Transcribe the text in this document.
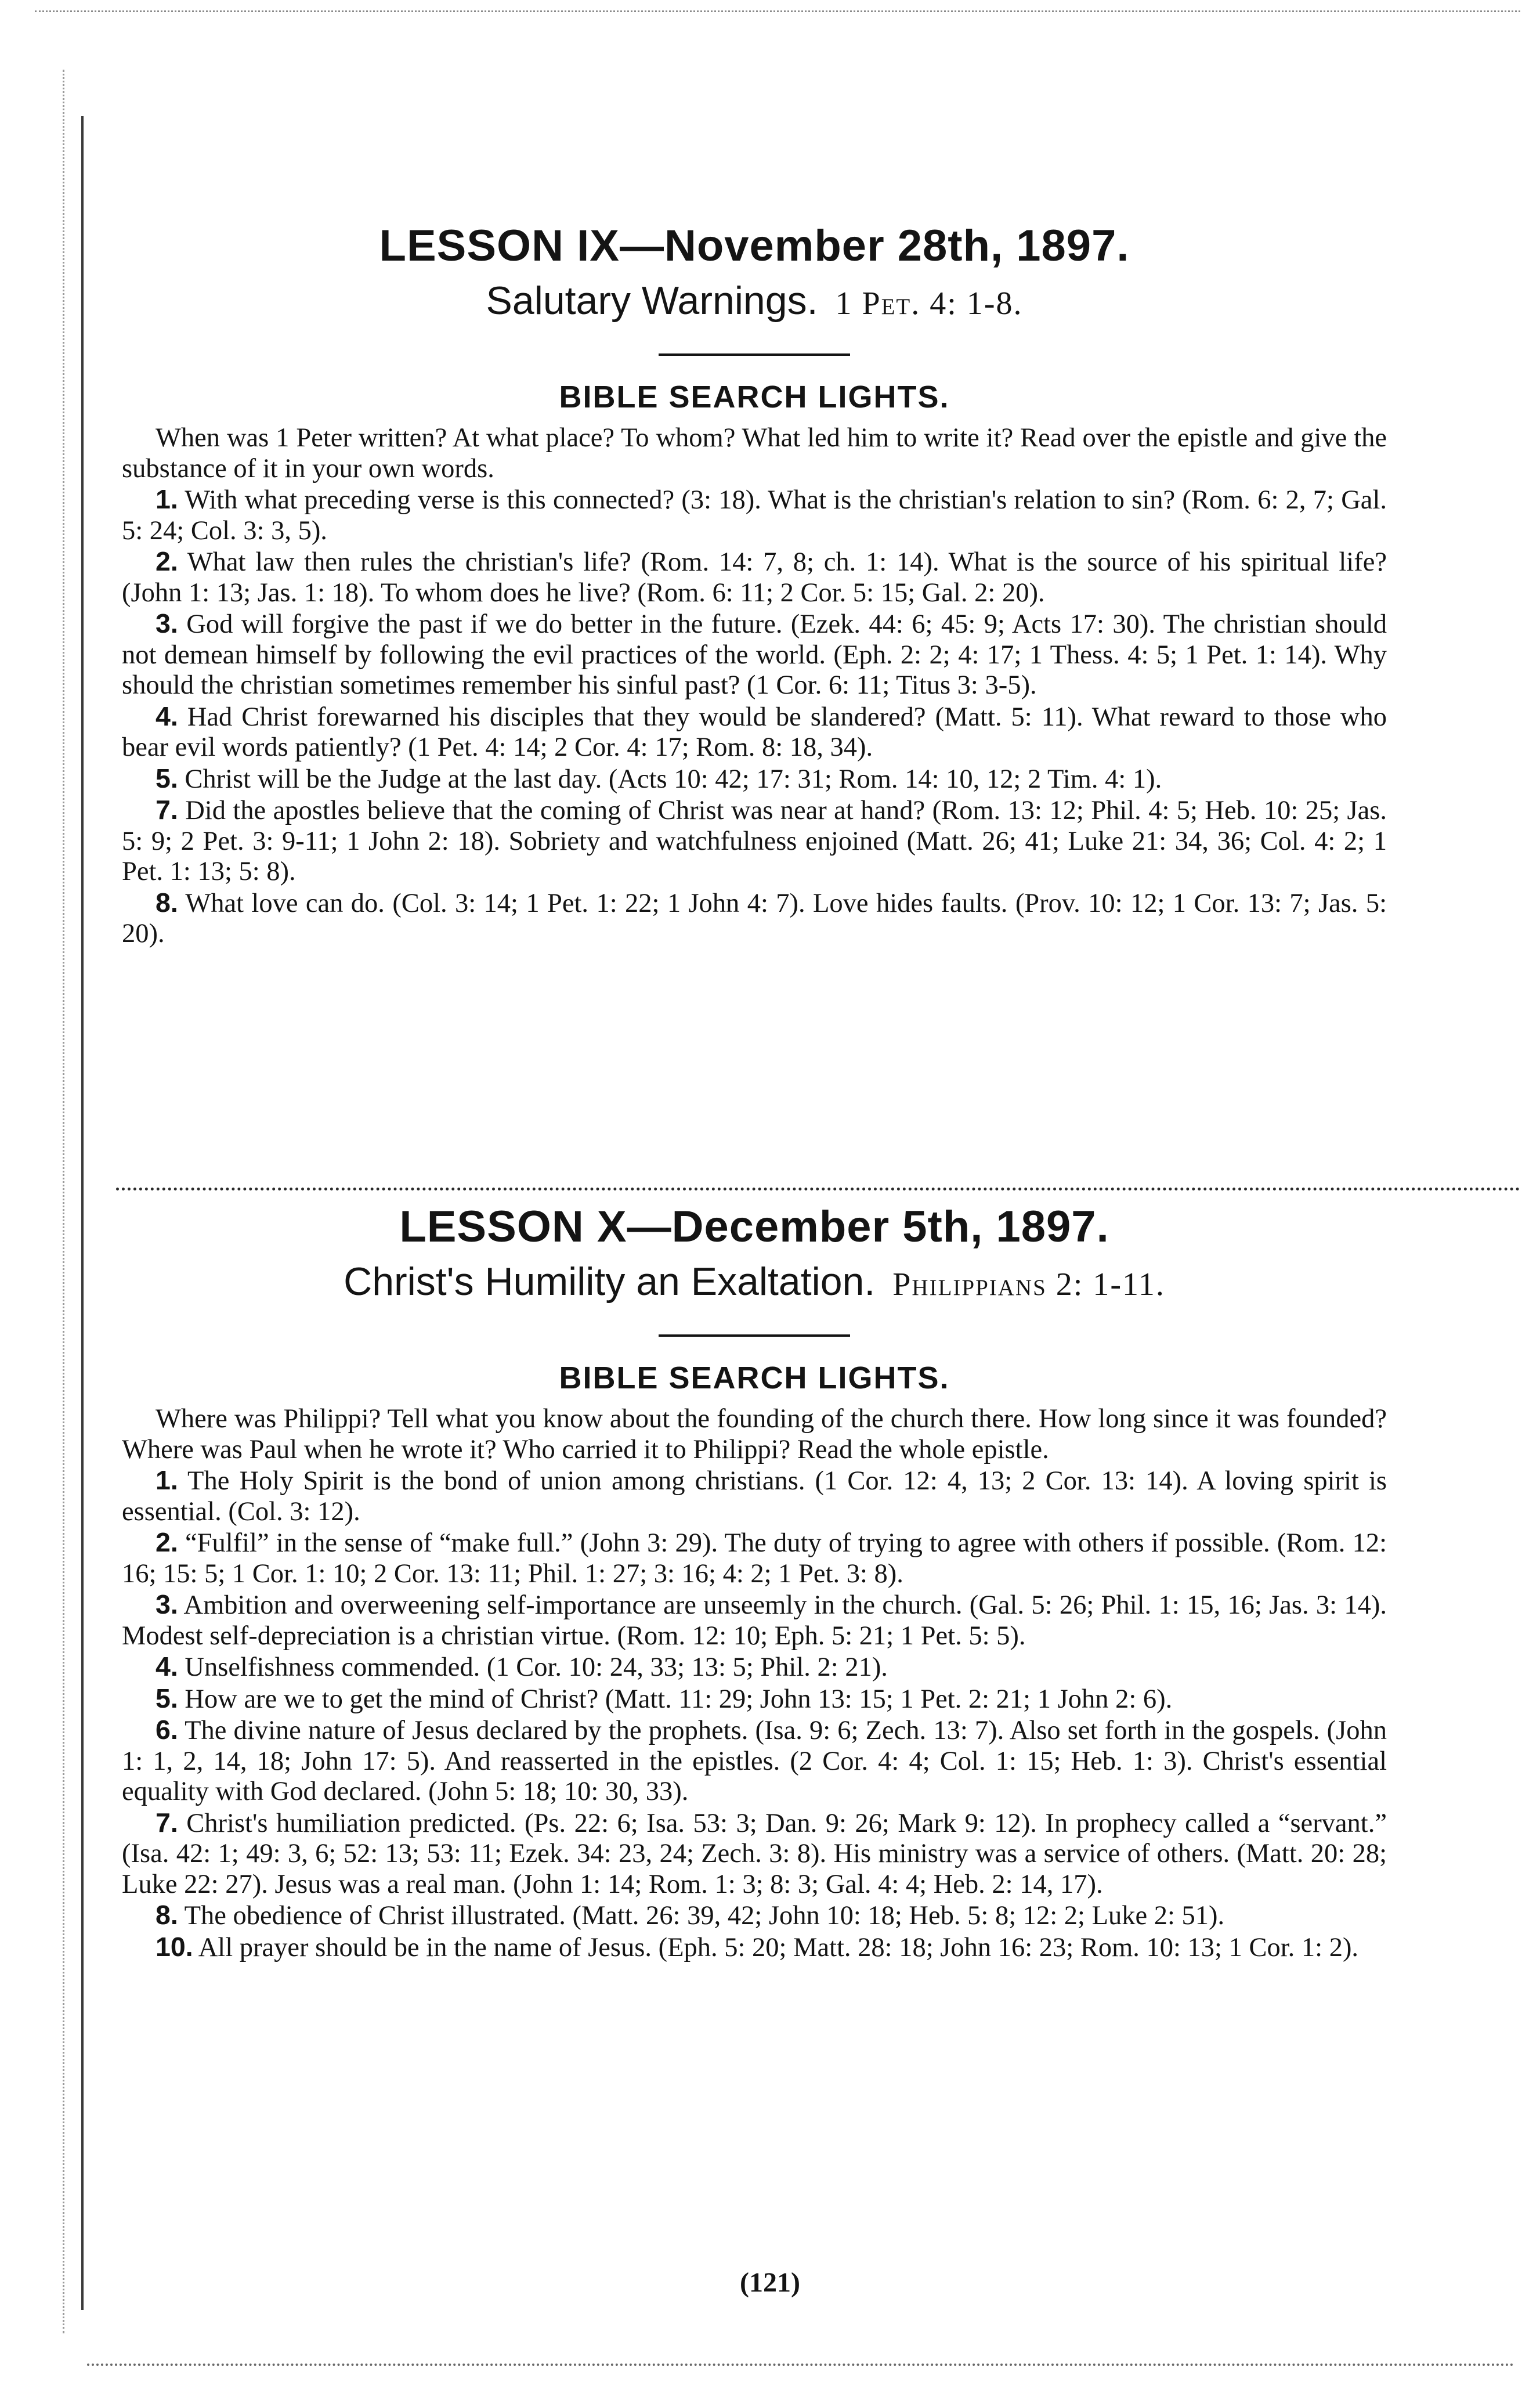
LESSON IX—November 28th, 1897.
Salutary Warnings. 1 Pet. 4: 1-8.
BIBLE SEARCH LIGHTS.

When was 1 Peter written? At what place? To whom? What led him to write it? Read over the epistle and give the substance of it in your own words.

1. With what preceding verse is this connected? (3: 18). What is the christian's relation to sin? (Rom. 6: 2, 7; Gal. 5: 24; Col. 3: 3, 5).

2. What law then rules the christian's life? (Rom. 14: 7, 8; ch. 1: 14). What is the source of his spiritual life? (John 1: 13; Jas. 1: 18). To whom does he live? (Rom. 6: 11; 2 Cor. 5: 15; Gal. 2: 20).

3. God will forgive the past if we do better in the future. (Ezek. 44: 6; 45: 9; Acts 17: 30). The christian should not demean himself by following the evil practices of the world. (Eph. 2: 2; 4: 17; 1 Thess. 4: 5; 1 Pet. 1: 14). Why should the christian sometimes remember his sinful past? (1 Cor. 6: 11; Titus 3: 3-5).

4. Had Christ forewarned his disciples that they would be slandered? (Matt. 5: 11). What reward to those who bear evil words patiently? (1 Pet. 4: 14; 2 Cor. 4: 17; Rom. 8: 18, 34).

5. Christ will be the Judge at the last day. (Acts 10: 42; 17: 31; Rom. 14: 10, 12; 2 Tim. 4: 1).

7. Did the apostles believe that the coming of Christ was near at hand? (Rom. 13: 12; Phil. 4: 5; Heb. 10: 25; Jas. 5: 9; 2 Pet. 3: 9-11; 1 John 2: 18). Sobriety and watchfulness enjoined (Matt. 26; 41; Luke 21: 34, 36; Col. 4: 2; 1 Pet. 1: 13; 5: 8).

8. What love can do. (Col. 3: 14; 1 Pet. 1: 22; 1 John 4: 7). Love hides faults. (Prov. 10: 12; 1 Cor. 13: 7; Jas. 5: 20).

LESSON X—December 5th, 1897.
Christ's Humility an Exaltation. Philippians 2: 1-11.
BIBLE SEARCH LIGHTS.

Where was Philippi? Tell what you know about the founding of the church there. How long since it was founded? Where was Paul when he wrote it? Who carried it to Philippi? Read the whole epistle.

1. The Holy Spirit is the bond of union among christians. (1 Cor. 12: 4, 13; 2 Cor. 13: 14). A loving spirit is essential. (Col. 3: 12).

2. “Fulfil” in the sense of “make full.” (John 3: 29). The duty of trying to agree with others if possible. (Rom. 12: 16; 15: 5; 1 Cor. 1: 10; 2 Cor. 13: 11; Phil. 1: 27; 3: 16; 4: 2; 1 Pet. 3: 8).

3. Ambition and overweening self-importance are unseemly in the church. (Gal. 5: 26; Phil. 1: 15, 16; Jas. 3: 14). Modest self-depreciation is a christian virtue. (Rom. 12: 10; Eph. 5: 21; 1 Pet. 5: 5).

4. Unselfishness commended. (1 Cor. 10: 24, 33; 13: 5; Phil. 2: 21).

5. How are we to get the mind of Christ? (Matt. 11: 29; John 13: 15; 1 Pet. 2: 21; 1 John 2: 6).

6. The divine nature of Jesus declared by the prophets. (Isa. 9: 6; Zech. 13: 7). Also set forth in the gospels. (John 1: 1, 2, 14, 18; John 17: 5). And reasserted in the epistles. (2 Cor. 4: 4; Col. 1: 15; Heb. 1: 3). Christ's essential equality with God declared. (John 5: 18; 10: 30, 33).

7. Christ's humiliation predicted. (Ps. 22: 6; Isa. 53: 3; Dan. 9: 26; Mark 9: 12). In prophecy called a “servant.” (Isa. 42: 1; 49: 3, 6; 52: 13; 53: 11; Ezek. 34: 23, 24; Zech. 3: 8). His ministry was a service of others. (Matt. 20: 28; Luke 22: 27). Jesus was a real man. (John 1: 14; Rom. 1: 3; 8: 3; Gal. 4: 4; Heb. 2: 14, 17).

8. The obedience of Christ illustrated. (Matt. 26: 39, 42; John 10: 18; Heb. 5: 8; 12: 2; Luke 2: 51).

10. All prayer should be in the name of Jesus. (Eph. 5: 20; Matt. 28: 18; John 16: 23; Rom. 10: 13; 1 Cor. 1: 2).

(121)
